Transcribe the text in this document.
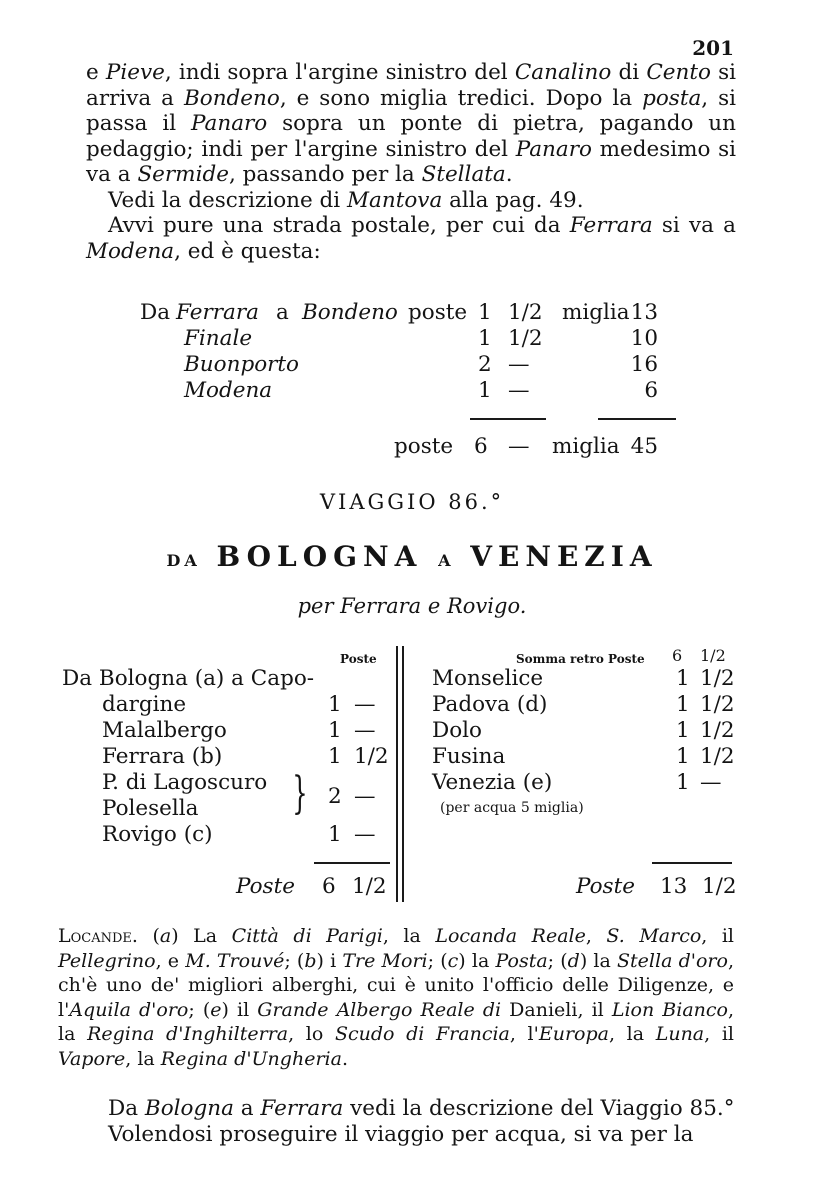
201

e Pieve, indi sopra l'argine sinistro del Canalino di Cento si arriva a Bondeno, e sono miglia tredici. Dopo la posta, si passa il Panaro sopra un ponte di pietra, pagando un pedaggio; indi per l'argine sinistro del Panaro medesimo si va a Sermide, passando per la Stellata.

Vedi la descrizione di Mantova alla pag. 49.

Avvi pure una strada postale, per cui da Ferrara si va a Modena, ed è questa:

Da Ferrara a Bondeno poste 1 1/2 miglia 13
Finale	1 1/2	10
Buonporto	2 —	16
Modena	1 —	6
poste 6 — miglia 45
VIAGGIO 86.°
DA BOLOGNA A VENEZIA
per Ferrara e Rovigo.
Poste	Somma retro Poste 6 1/2
Da Bologna (a) a Capo-
dargine	1 —
Malalbergo	1 —
Ferrara (b)	1 1/2
P. di Lagoscuro
Polesella } 2 —
Rovigo (c)	1 —
Poste 6 1/2
Monselice	1 1/2
Padova (d)	1 1/2
Dolo	1 1/2
Fusina	1 1/2
Venezia (e)	1 —
(per acqua 5 miglia)
Poste 13 1/2

Locande. (a) La Città di Parigi, la Locanda Reale, S. Marco, il Pellegrino, e M. Trouvé; (b) i Tre Mori; (c) la Posta; (d) la Stella d'oro, ch'è uno de' migliori alberghi, cui è unito l'officio delle Diligenze, e l'Aquila d'oro; (e) il Grande Albergo Reale di Danieli, il Lion Bianco, la Regina d'Inghilterra, lo Scudo di Francia, l'Europa, la Luna, il Vapore, la Regina d'Ungheria.

Da Bologna a Ferrara vedi la descrizione del Viaggio 85.°

Volendosi proseguire il viaggio per acqua, si va per la
